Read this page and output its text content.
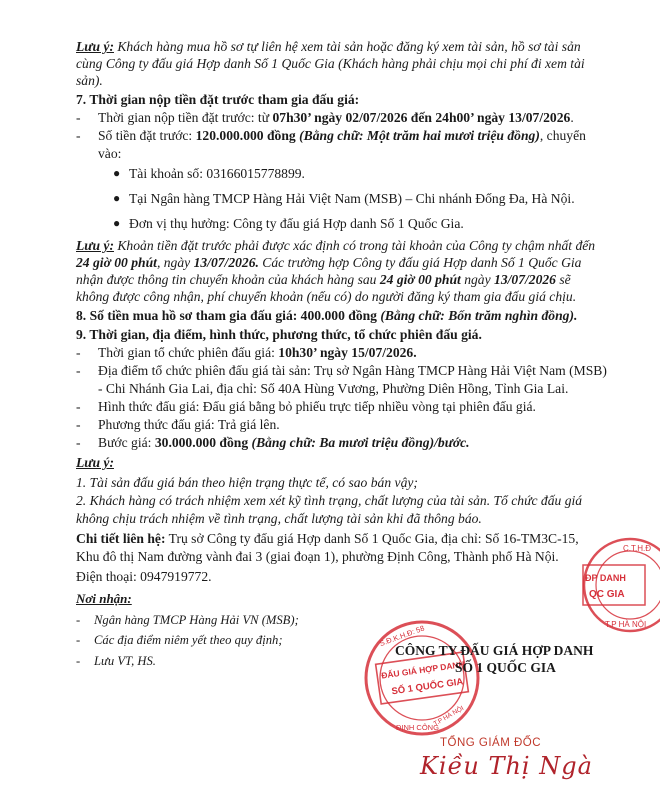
Lưu ý: Khách hàng mua hồ sơ tự liên hệ xem tài sản hoặc đăng ký xem tài sản, hồ sơ tài sản
cùng Công ty đấu giá Hợp danh Số 1 Quốc Gia (Khách hàng phải chịu mọi chi phí đi xem tài
sản).
7. Thời gian nộp tiền đặt trước tham gia đấu giá:
- Thời gian nộp tiền đặt trước: từ 07h30’ ngày 02/07/2026 đến 24h00’ ngày 13/07/2026.
- Số tiền đặt trước: 120.000.000 đồng (Bằng chữ: Một trăm hai mươi triệu đồng), chuyển
vào:
● Tài khoản số: 03166015778899.
● Tại Ngân hàng TMCP Hàng Hải Việt Nam (MSB) – Chi nhánh Đống Đa, Hà Nội.
● Đơn vị thụ hưởng: Công ty đấu giá Hợp danh Số 1 Quốc Gia.
Lưu ý: Khoản tiền đặt trước phải được xác định có trong tài khoản của Công ty chậm nhất đến
24 giờ 00 phút, ngày 13/07/2026. Các trường hợp Công ty đấu giá Hợp danh Số 1 Quốc Gia
nhận được thông tin chuyển khoản của khách hàng sau 24 giờ 00 phút ngày 13/07/2026 sẽ
không được công nhận, phí chuyển khoản (nếu có) do người đăng ký tham gia đấu giá chịu.
8. Số tiền mua hồ sơ tham gia đấu giá: 400.000 đồng (Bằng chữ: Bốn trăm nghìn đồng).
9. Thời gian, địa điểm, hình thức, phương thức, tổ chức phiên đấu giá.
- Thời gian tổ chức phiên đấu giá: 10h30’ ngày 15/07/2026.
- Địa điểm tổ chức phiên đấu giá tài sản: Trụ sở Ngân Hàng TMCP Hàng Hải Việt Nam (MSB)
- Chi Nhánh Gia Lai, địa chỉ: Số 40A Hùng Vương, Phường Diên Hồng, Tỉnh Gia Lai.
- Hình thức đấu giá: Đấu giá bằng bỏ phiếu trực tiếp nhiều vòng tại phiên đấu giá.
- Phương thức đấu giá: Trả giá lên.
- Bước giá: 30.000.000 đồng (Bằng chữ: Ba mươi triệu đồng)/bước.
Lưu ý:
1. Tài sản đấu giá bán theo hiện trạng thực tế, có sao bán vậy;
2. Khách hàng có trách nhiệm xem xét kỹ tình trạng, chất lượng của tài sản. Tổ chức đấu giá
không chịu trách nhiệm về tình trạng, chất lượng tài sản khi đã thông báo.
Chi tiết liên hệ: Trụ sở Công ty đấu giá Hợp danh Số 1 Quốc Gia, địa chỉ: Số 16-TM3C-15,
Khu đô thị Nam đường vành đai 3 (giai đoạn 1), phường Định Công, Thành phố Hà Nội.
Điện thoại: 0947919772.
Nơi nhận:
- Ngân hàng TMCP Hàng Hải VN (MSB);
- Các địa điểm niêm yết theo quy định;
- Lưu VT, HS.
ĐP DANH
QC GIA
C.T.H.Đ
T.P HÀ NỘI
ĐẤU GIÁ HỢP DANH
SỐ 1 QUỐC GIA
S.Đ.K.H.Đ: 58
ĐỊNH CÔNG
T.P HÀ NỘI
CÔNG TY ĐẤU GIÁ HỢP DANH
SỐ 1 QUỐC GIA
TỔNG GIÁM ĐỐC
Kiều Thị Ngà
